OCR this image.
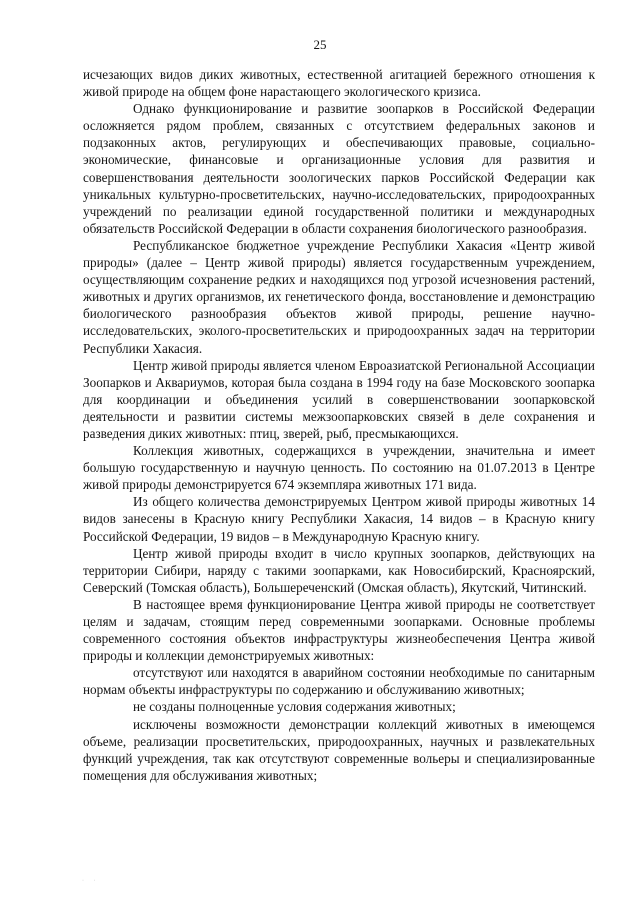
25

исчезающих видов диких животных, естественной агитацией бережного отношения к живой природе на общем фоне нарастающего экологического кризиса.

Однако функционирование и развитие зоопарков в Российской Федерации осложняется рядом проблем, связанных с отсутствием федеральных законов и подзаконных актов, регулирующих и обеспечивающих правовые, социально-экономические, финансовые и организационные условия для развития и совершенствования деятельности зоологических парков Российской Федерации как уникальных культурно-просветительских, научно-исследовательских, природоохранных учреждений по реализации единой государственной политики и международных обязательств Российской Федерации в области сохранения биологического разнообразия.

Республиканское бюджетное учреждение Республики Хакасия «Центр живой природы» (далее – Центр живой природы) является государственным учреждением, осуществляющим сохранение редких и находящихся под угрозой исчезновения растений, животных и других организмов, их генетического фонда, восстановление и демонстрацию биологического разнообразия объектов живой природы, решение научно-исследовательских, эколого-просветительских и природоохранных задач на территории Республики Хакасия.

Центр живой природы является членом Евроазиатской Региональной Ассоциации Зоопарков и Аквариумов, которая была создана в 1994 году на базе Московского зоопарка для координации и объединения усилий в совершенствовании зоопарковской деятельности и развитии системы межзоопарковских связей в деле сохранения и разведения диких животных: птиц, зверей, рыб, пресмыкающихся.

Коллекция животных, содержащихся в учреждении, значительна и имеет большую государственную и научную ценность. По состоянию на 01.07.2013 в Центре живой природы демонстрируется 674 экземпляра животных 171 вида.

Из общего количества демонстрируемых Центром живой природы животных 14 видов занесены в Красную книгу Республики Хакасия, 14 видов – в Красную книгу Российской Федерации, 19 видов – в Международную Красную книгу.

Центр живой природы входит в число крупных зоопарков, действующих на территории Сибири, наряду с такими зоопарками, как Новосибирский, Красноярский, Северский (Томская область), Большереченский (Омская область), Якутский, Читинский.

В настоящее время функционирование Центра живой природы не соответствует целям и задачам, стоящим перед современными зоопарками. Основные проблемы современного состояния объектов инфраструктуры жизнеобеспечения Центра живой природы и коллекции демонстрируемых животных:

отсутствуют или находятся в аварийном состоянии необходимые по санитарным нормам объекты инфраструктуры по содержанию и обслуживанию животных;

не созданы полноценные условия содержания животных;

исключены возможности демонстрации коллекций животных в имеющемся объеме, реализации просветительских, природоохранных, научных и развлекательных функций учреждения, так как отсутствуют современные вольеры и специализированные помещения для обслуживания животных;

· ·
